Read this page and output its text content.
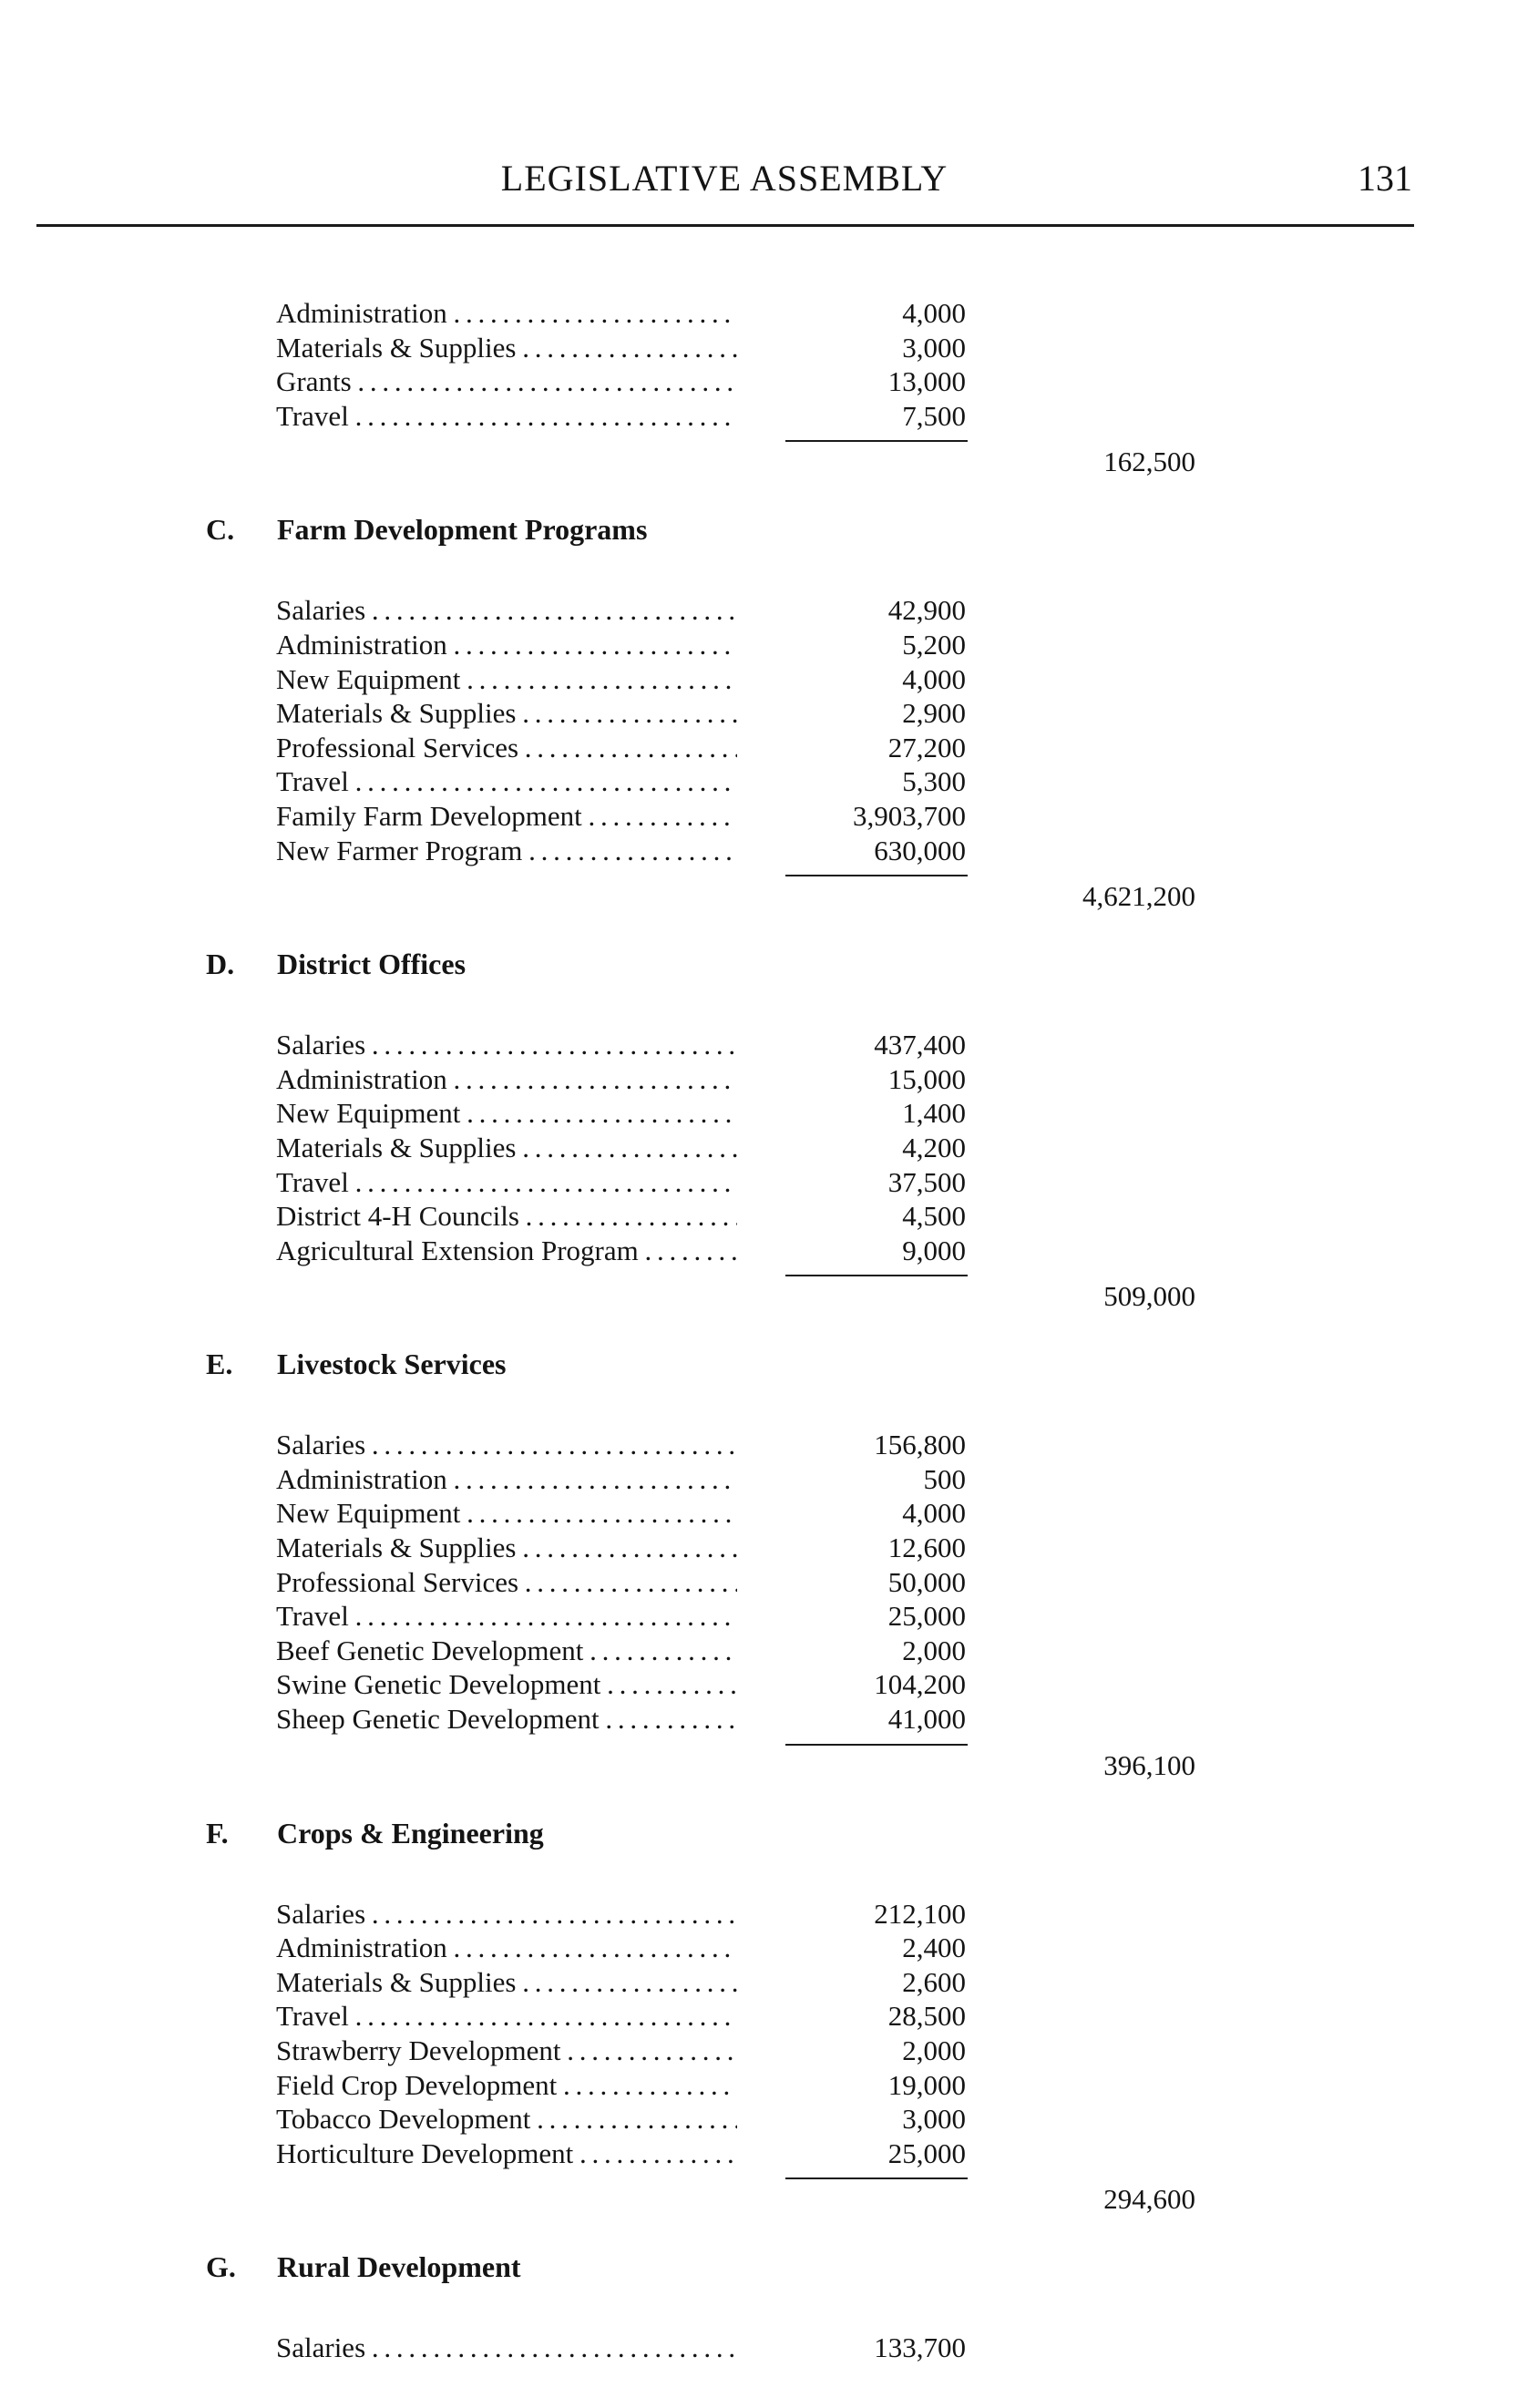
LEGISLATIVE ASSEMBLY	131
Administration . . .	4,000
Materials & Supplies . . .	3,000
Grants . . .	13,000
Travel . . .	7,500
162,500
C. Farm Development Programs
Salaries . . .	42,900
Administration . . .	5,200
New Equipment . . .	4,000
Materials & Supplies . . .	2,900
Professional Services . . .	27,200
Travel . . .	5,300
Family Farm Development . . .	3,903,700
New Farmer Program . . .	630,000
4,621,200
D. District Offices
Salaries . . .	437,400
Administration . . .	15,000
New Equipment . . .	1,400
Materials & Supplies . . .	4,200
Travel . . .	37,500
District 4-H Councils . . .	4,500
Agricultural Extension Program . . .	9,000
509,000
E. Livestock Services
Salaries . . .	156,800
Administration . . .	500
New Equipment . . .	4,000
Materials & Supplies . . .	12,600
Professional Services . . .	50,000
Travel . . .	25,000
Beef Genetic Development . . .	2,000
Swine Genetic Development . . .	104,200
Sheep Genetic Development . . .	41,000
396,100
F. Crops & Engineering
Salaries . . .	212,100
Administration . . .	2,400
Materials & Supplies . . .	2,600
Travel . . .	28,500
Strawberry Development . . .	2,000
Field Crop Development . . .	19,000
Tobacco Development . . .	3,000
Horticulture Development . . .	25,000
294,600
G. Rural Development
Salaries . . .	133,700
